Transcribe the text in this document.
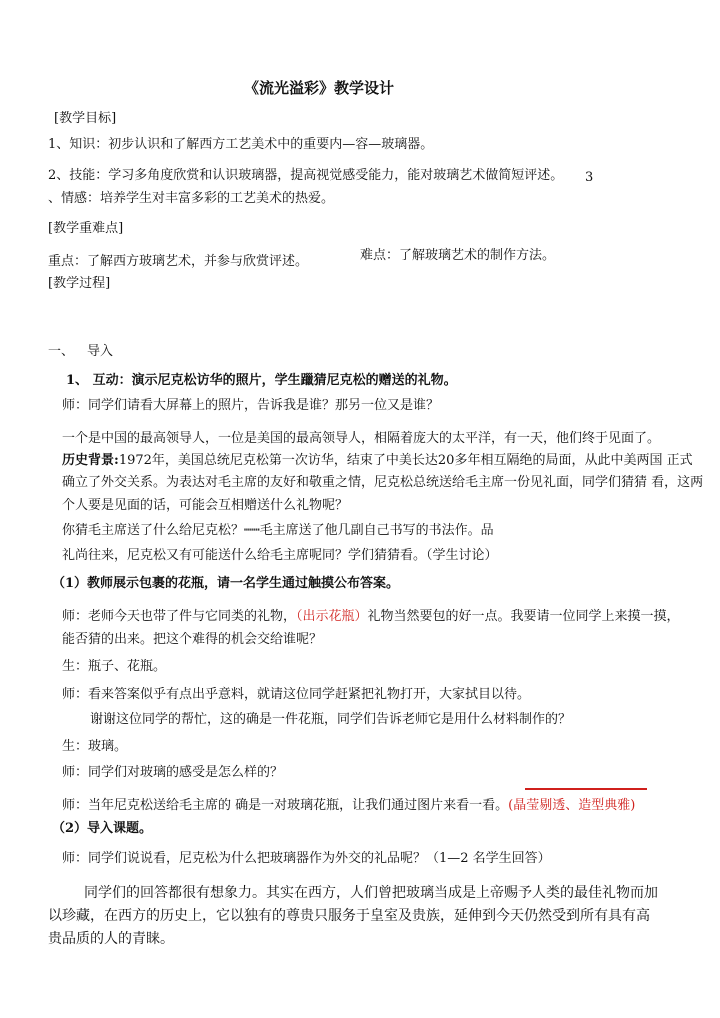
《流光溢彩》教学设计
[教学目标]
1、知识：初步认识和了解西方工艺美术中的重要内—容—玻璃器。
2、技能：学习多角度欣赏和认识玻璃器，提高视觉感受能力，能对玻璃艺术做简短评述。 3
、情感：培养学生对丰富多彩的工艺美术的热爱。
[教学重难点]
重点：了解西方玻璃艺术，并参与欣赏评述。	难点：了解玻璃艺术的制作方法。
[教学过程]
一、 导入
1、 互动：演示尼克松访华的照片，学生躐猜尼克松的赠送的礼物。
师：同学们请看大屏幕上的照片，告诉我是谁？那另一位又是谁？
一个是中国的最高领导人，一位是美国的最高领导人，相隔着庞大的太平洋，有一天，他们终于见面了。
历史背景:1972年，美国总统尼克松第一次访华，结束了中美长达20多年相互隔绝的局面，从此中美两国 正式
确立了外交关系。为表达对毛主席的友好和敬重之情，尼克松总统送给毛主席一份见礼面，同学们猜猜 看，这两
个人要是见面的话，可能会互相赠送什么礼物呢？
你猜毛主席送了什么给尼克松？┉┉毛主席送了他几副自己书写的书法作。品
礼尚往来，尼克松又有可能送什么给毛主席呢同？学们猜猜看。（学生讨论）
（1）教师展示包裹的花瓶，请一名学生通过触摸公布答案。
师：老师今天也带了件与它同类的礼物，（出示花瓶）礼物当然要包的好一点。我要请一位同学上来摸一摸，
能否猜的出来。把这个难得的机会交给谁呢？
生：瓶子、花瓶。
师：看来答案似乎有点出乎意料，就请这位同学赶紧把礼物打开，大家拭目以待。
谢谢这位同学的帮忙，这的确是一件花瓶，同学们告诉老师它是用什么材料制作的？
生：玻璃。
师：同学们对玻璃的感受是怎么样的？
师：当年尼克松送给毛主席的 确是一对玻璃花瓶，让我们通过图片来看一看。(晶莹剔透、造型典雅)
（2）导入课题。
师：同学们说说看，尼克松为什么把玻璃器作为外交的礼品呢？（1—2 名学生回答）
同学们的回答都很有想象力。其实在西方，人们曾把玻璃当成是上帝赐予人类的最佳礼物而加
以珍藏，在西方的历史上，它以独有的尊贵只服务于皇室及贵族，延伸到今天仍然受到所有具有高
贵品质的人的青睐。
